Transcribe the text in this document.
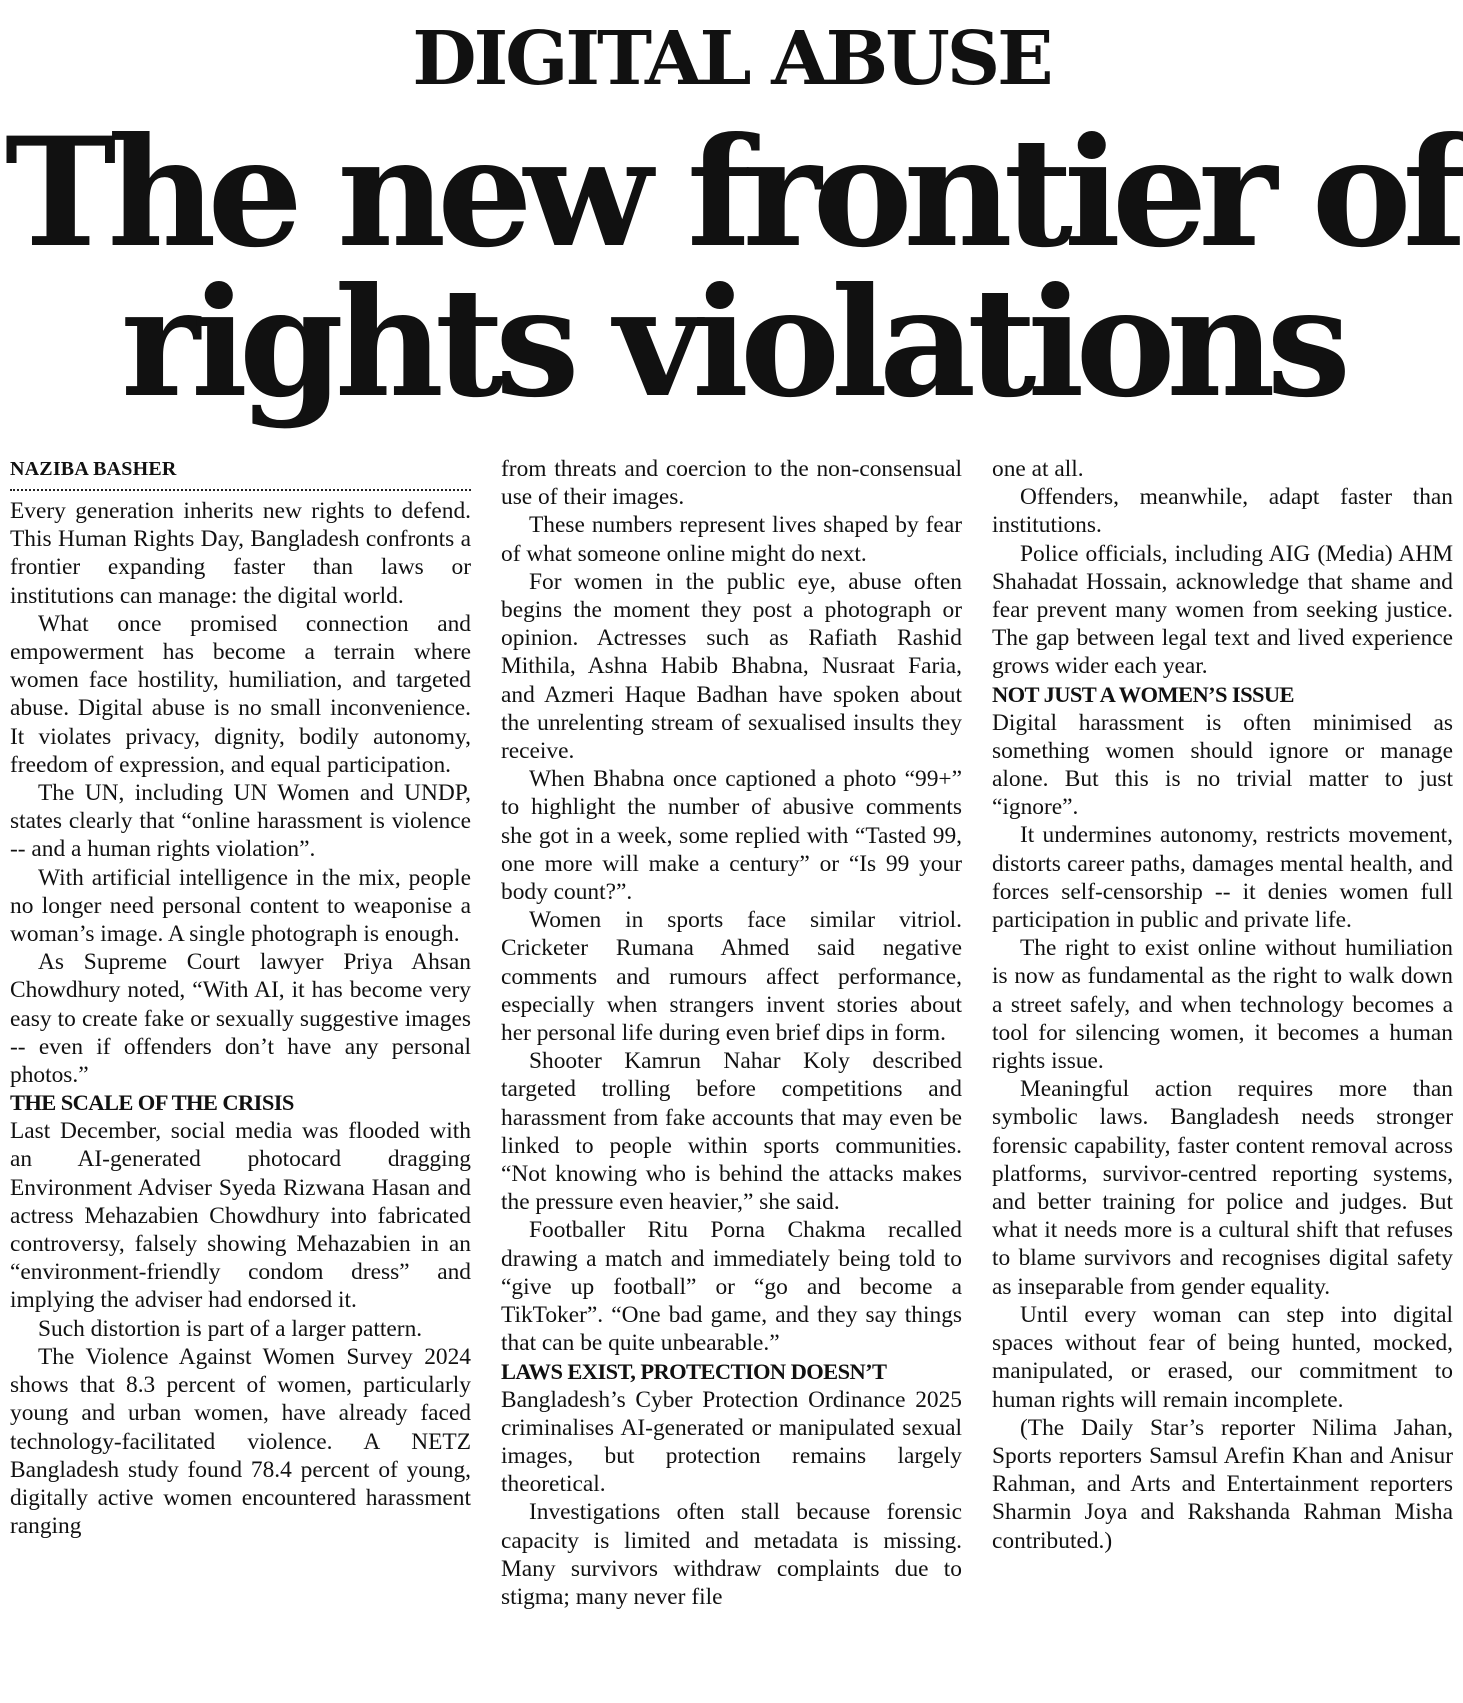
DIGITAL ABUSE
The new frontier of
rights violations
NAZIBA BASHER

Every generation inherits new rights to defend. This Human Rights Day, Bangladesh confronts a frontier expanding faster than laws or institutions can manage: the digital world.

What once promised connection and empowerment has become a terrain where women face hostility, humiliation, and targeted abuse. Digital abuse is no small inconvenience. It violates privacy, dignity, bodily autonomy, freedom of expression, and equal participation.

The UN, including UN Women and UNDP, states clearly that “online harassment is violence -- and a human rights violation”.

With artificial intelligence in the mix, people no longer need personal content to weaponise a woman’s image. A single photograph is enough.

As Supreme Court lawyer Priya Ahsan Chowdhury noted, “With AI, it has become very easy to create fake or sexually suggestive images -- even if offenders don’t have any personal photos.”

THE SCALE OF THE CRISIS

Last December, social media was flooded with an AI-generated photocard dragging Environment Adviser Syeda Rizwana Hasan and actress Mehazabien Chowdhury into fabricated controversy, falsely showing Mehazabien in an “environment-friendly condom dress” and implying the adviser had endorsed it.

Such distortion is part of a larger pattern.

The Violence Against Women Survey 2024 shows that 8.3 percent of women, particularly young and urban women, have already faced technology-facilitated violence. A NETZ Bangladesh study found 78.4 percent of young, digitally active women encountered harassment ranging

from threats and coercion to the non-consensual use of their images.

These numbers represent lives shaped by fear of what someone online might do next.

For women in the public eye, abuse often begins the moment they post a photograph or opinion. Actresses such as Rafiath Rashid Mithila, Ashna Habib Bhabna, Nusraat Faria, and Azmeri Haque Badhan have spoken about the unrelenting stream of sexualised insults they receive.

When Bhabna once captioned a photo “99+” to highlight the number of abusive comments she got in a week, some replied with “Tasted 99, one more will make a century” or “Is 99 your body count?”.

Women in sports face similar vitriol. Cricketer Rumana Ahmed said negative comments and rumours affect performance, especially when strangers invent stories about her personal life during even brief dips in form.

Shooter Kamrun Nahar Koly described targeted trolling before competitions and harassment from fake accounts that may even be linked to people within sports communities. “Not knowing who is behind the attacks makes the pressure even heavier,” she said.

Footballer Ritu Porna Chakma recalled drawing a match and immediately being told to “give up football” or “go and become a TikToker”. “One bad game, and they say things that can be quite unbearable.”

LAWS EXIST, PROTECTION DOESN’T

Bangladesh’s Cyber Protection Ordinance 2025 criminalises AI-generated or manipulated sexual images, but protection remains largely theoretical.

Investigations often stall because forensic capacity is limited and metadata is missing. Many survivors withdraw complaints due to stigma; many never file

one at all.

Offenders, meanwhile, adapt faster than institutions.

Police officials, including AIG (Media) AHM Shahadat Hossain, acknowledge that shame and fear prevent many women from seeking justice. The gap between legal text and lived experience grows wider each year.

NOT JUST A WOMEN’S ISSUE

Digital harassment is often minimised as something women should ignore or manage alone. But this is no trivial matter to just “ignore”.

It undermines autonomy, restricts movement, distorts career paths, damages mental health, and forces self-censorship -- it denies women full participation in public and private life.

The right to exist online without humiliation is now as fundamental as the right to walk down a street safely, and when technology becomes a tool for silencing women, it becomes a human rights issue.

Meaningful action requires more than symbolic laws. Bangladesh needs stronger forensic capability, faster content removal across platforms, survivor-centred reporting systems, and better training for police and judges. But what it needs more is a cultural shift that refuses to blame survivors and recognises digital safety as inseparable from gender equality.

Until every woman can step into digital spaces without fear of being hunted, mocked, manipulated, or erased, our commitment to human rights will remain incomplete.

(The Daily Star’s reporter Nilima Jahan, Sports reporters Samsul Arefin Khan and Anisur Rahman, and Arts and Entertainment reporters Sharmin Joya and Rakshanda Rahman Misha contributed.)
